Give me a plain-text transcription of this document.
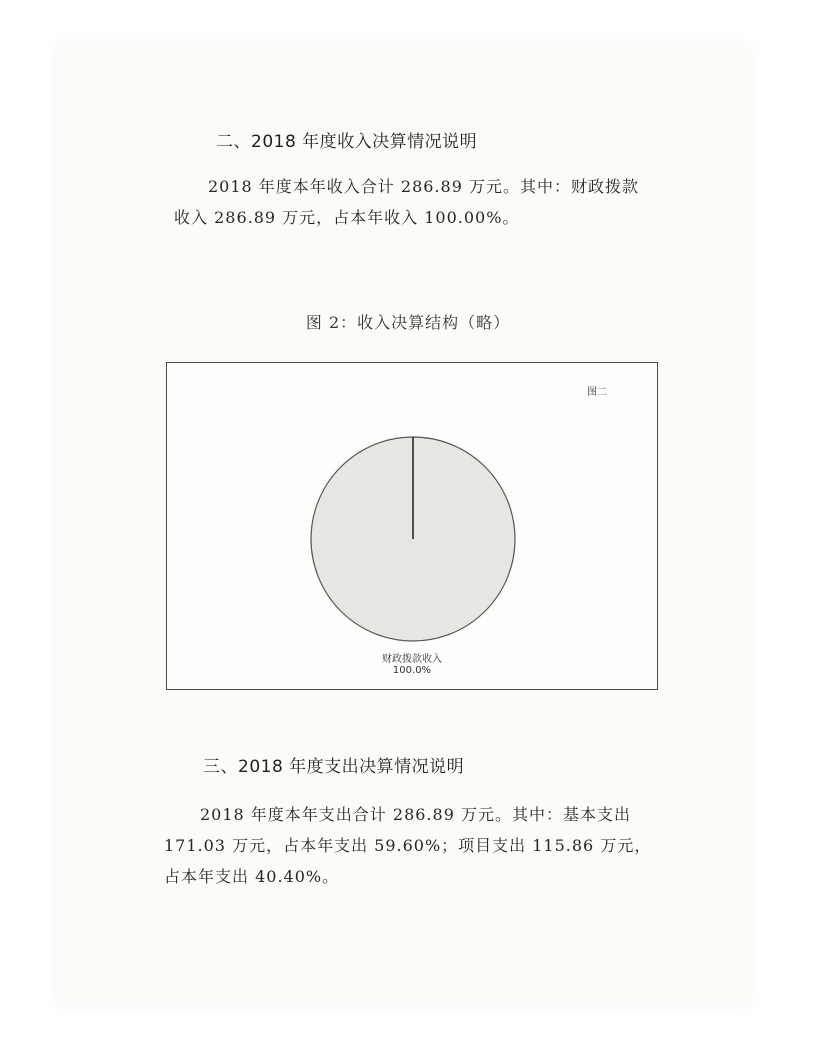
二、2018 年度收入决算情况说明
2018 年度本年收入合计 286.89 万元。其中：财政拨款
收入 286.89 万元，占本年收入 100.00%。
图 2：收入决算结构（略）
图二
财政拨款收入
100.0%
三、2018 年度支出决算情况说明
2018 年度本年支出合计 286.89 万元。其中：基本支出
171.03 万元，占本年支出 59.60%；项目支出 115.86 万元，
占本年支出 40.40%。
